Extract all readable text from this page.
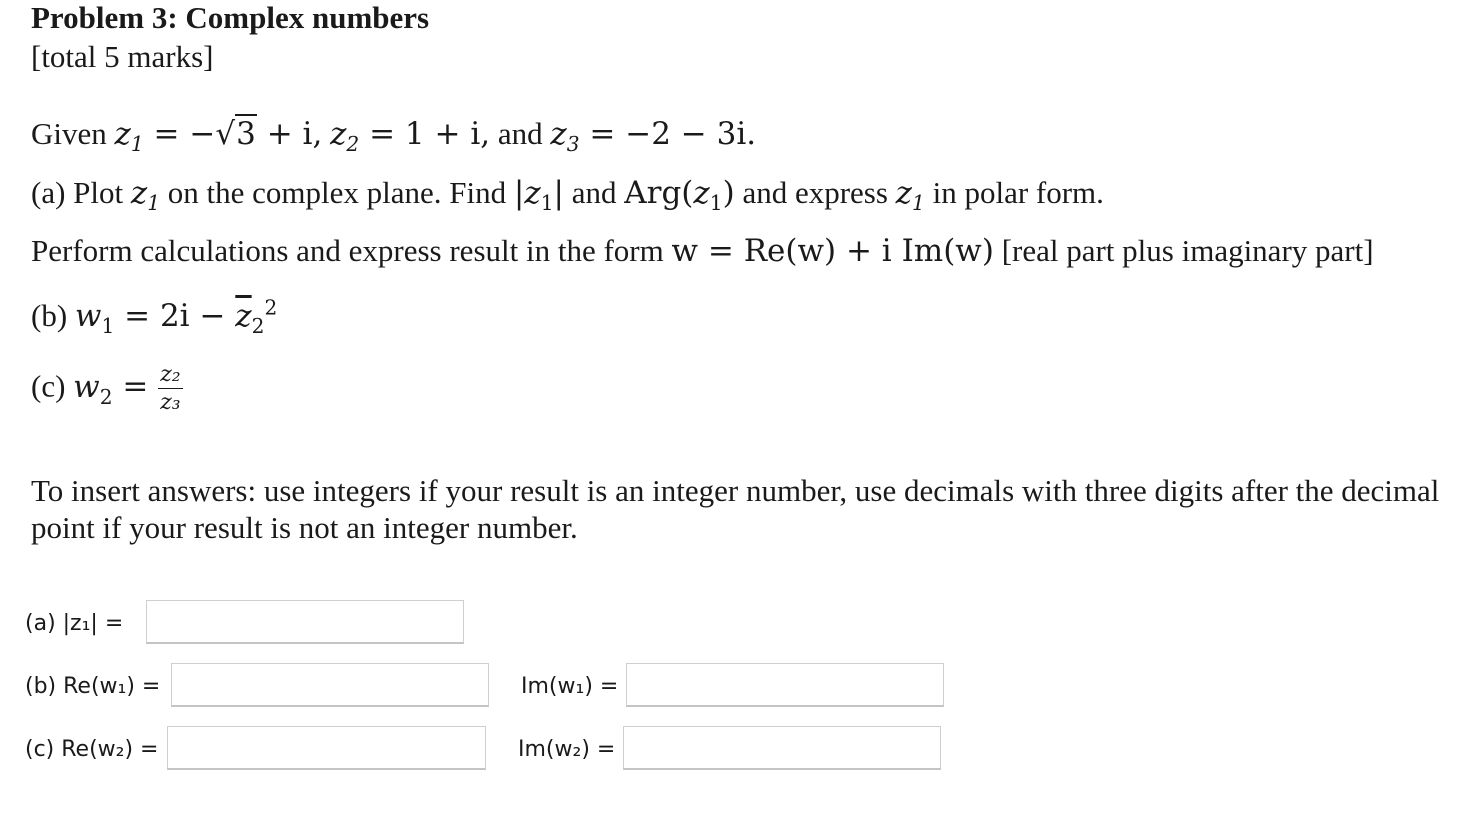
Problem 3: Complex numbers
[total 5 marks]
Given $z_1 = -√3 + i$, $z_2 = 1 + i$, and $z_3 = -2 - 3i$.
(a) Plot $z_1$ on the complex plane. Find $|z_1|$ and $Arg(z_1)$ and express $z_1$ in polar form.
Perform calculations and express result in the form w = Re(w) + i Im(w) [real part plus imaginary part]
(b) $w_1 = 2i - \overline{z}_2^2$
(c) $w_2 = \frac{\text{z₂}}{\text{z₃}}$
To insert answers: use integers if your result is an integer number, use decimals with three digits after the decimal point if your result is not an integer number.
(a) |z₁| =
(b) Re(w₁) =	Im(w₁) =
(c) Re(w₂) =	Im(w₂) =
